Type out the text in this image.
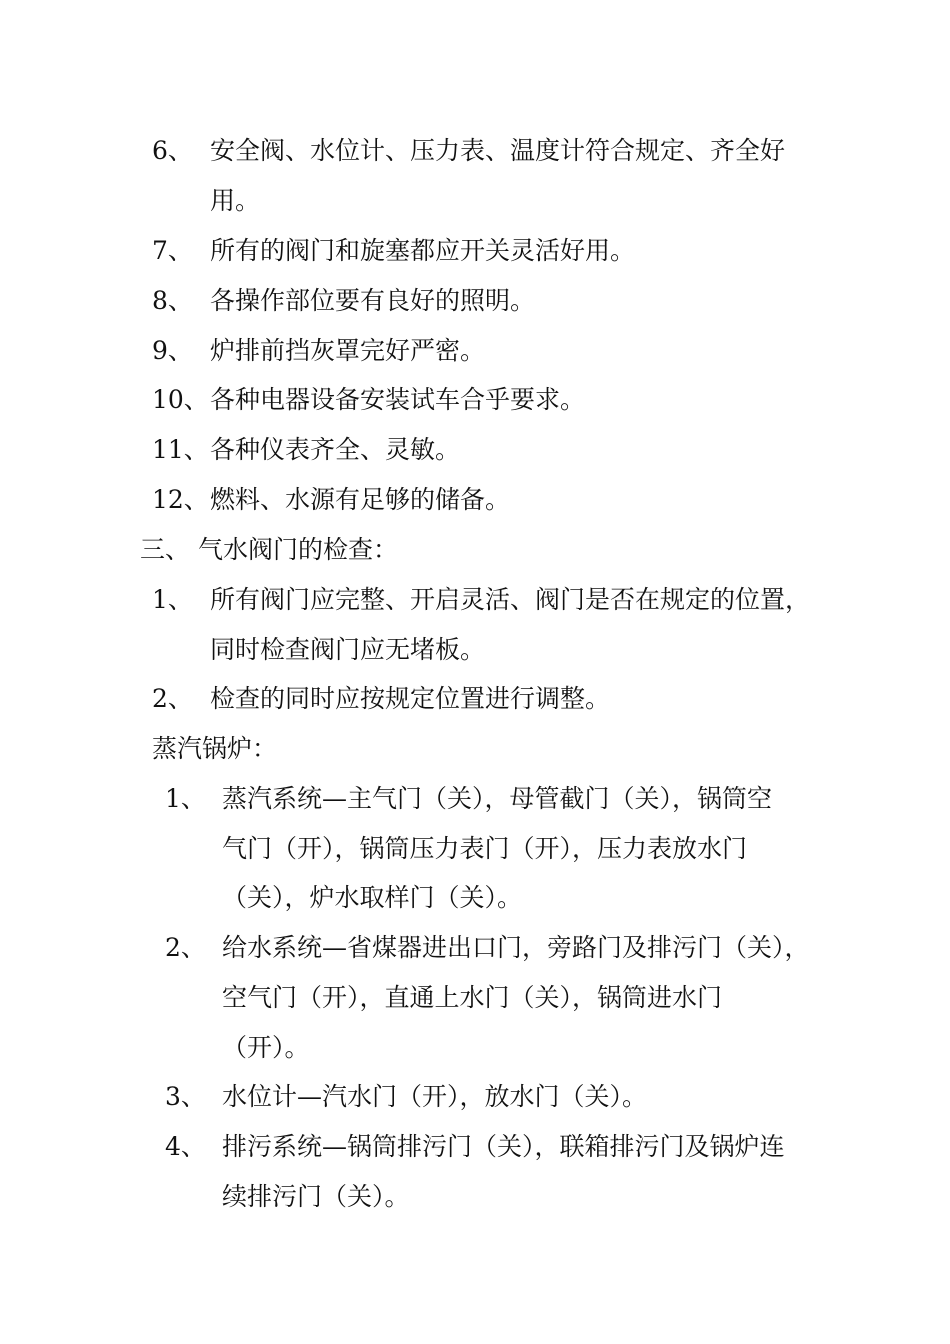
6、 安全阀、水位计、压力表、温度计符合规定、齐全好
用。
7、 所有的阀门和旋塞都应开关灵活好用。
8、 各操作部位要有良好的照明。
9、 炉排前挡灰罩完好严密。
10、 各种电器设备安装试车合乎要求。
11、 各种仪表齐全、灵敏。
12、 燃料、水源有足够的储备。
三、 气水阀门的检查：
1、 所有阀门应完整、开启灵活、阀门是否在规定的位置，
同时检查阀门应无堵板。
2、 检查的同时应按规定位置进行调整。
蒸汽锅炉：
1、 蒸汽系统—主气门（关），母管截门（关），锅筒空
气门（开），锅筒压力表门（开），压力表放水门
（关），炉水取样门（关）。
2、 给水系统—省煤器进出口门，旁路门及排污门（关），
空气门（开），直通上水门（关），锅筒进水门
（开）。
3、 水位计—汽水门（开），放水门（关）。
4、 排污系统—锅筒排污门（关），联箱排污门及锅炉连
续排污门（关）。
